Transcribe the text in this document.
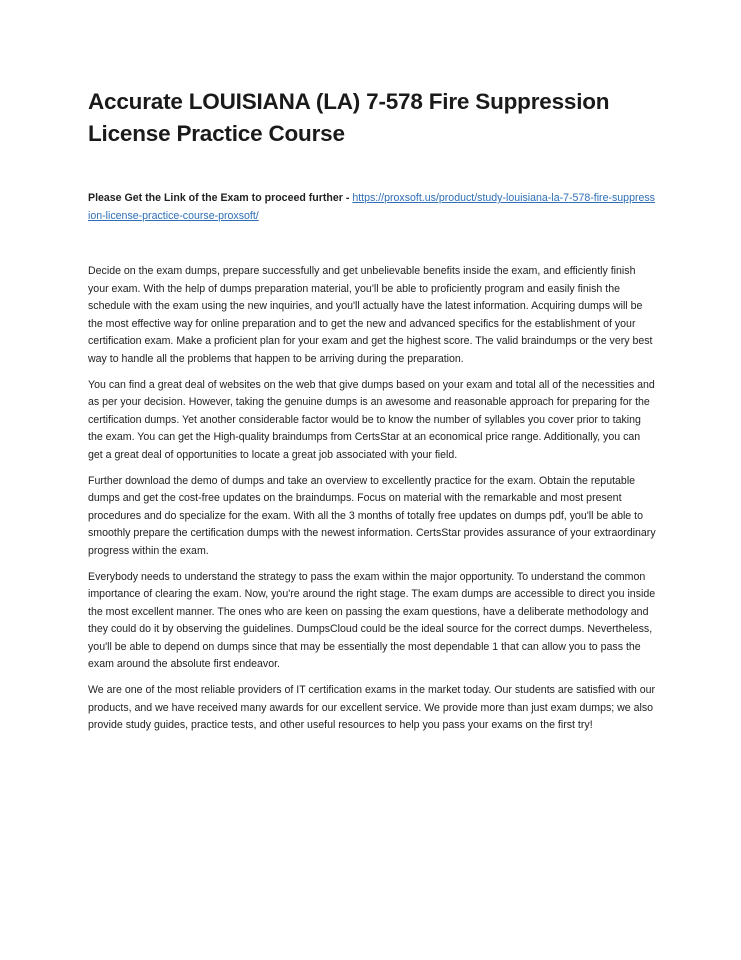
Accurate LOUISIANA (LA) 7-578 Fire Suppression License Practice Course

Please Get the Link of the Exam to proceed further - https://proxsoft.us/product/study-louisiana-la-7-578-fire-suppression-license-practice-course-proxsoft/

Decide on the exam dumps, prepare successfully and get unbelievable benefits inside the exam, and efficiently finish your exam. With the help of dumps preparation material, you'll be able to proficiently program and easily finish the schedule with the exam using the new inquiries, and you'll actually have the latest information. Acquiring dumps will be the most effective way for online preparation and to get the new and advanced specifics for the establishment of your certification exam. Make a proficient plan for your exam and get the highest score. The valid braindumps or the very best way to handle all the problems that happen to be arriving during the preparation.

You can find a great deal of websites on the web that give dumps based on your exam and total all of the necessities and as per your decision. However, taking the genuine dumps is an awesome and reasonable approach for preparing for the certification dumps. Yet another considerable factor would be to know the number of syllables you cover prior to taking the exam. You can get the High-quality braindumps from CertsStar at an economical price range. Additionally, you can get a great deal of opportunities to locate a great job associated with your field.

Further download the demo of dumps and take an overview to excellently practice for the exam. Obtain the reputable dumps and get the cost-free updates on the braindumps. Focus on material with the remarkable and most present procedures and do specialize for the exam. With all the 3 months of totally free updates on dumps pdf, you'll be able to smoothly prepare the certification dumps with the newest information. CertsStar provides assurance of your extraordinary progress within the exam.

Everybody needs to understand the strategy to pass the exam within the major opportunity. To understand the common importance of clearing the exam. Now, you're around the right stage. The exam dumps are accessible to direct you inside the most excellent manner. The ones who are keen on passing the exam questions, have a deliberate methodology and they could do it by observing the guidelines. DumpsCloud could be the ideal source for the correct dumps. Nevertheless, you'll be able to depend on dumps since that may be essentially the most dependable 1 that can allow you to pass the exam around the absolute first endeavor.

We are one of the most reliable providers of IT certification exams in the market today. Our students are satisfied with our products, and we have received many awards for our excellent service. We provide more than just exam dumps; we also provide study guides, practice tests, and other useful resources to help you pass your exams on the first try!
